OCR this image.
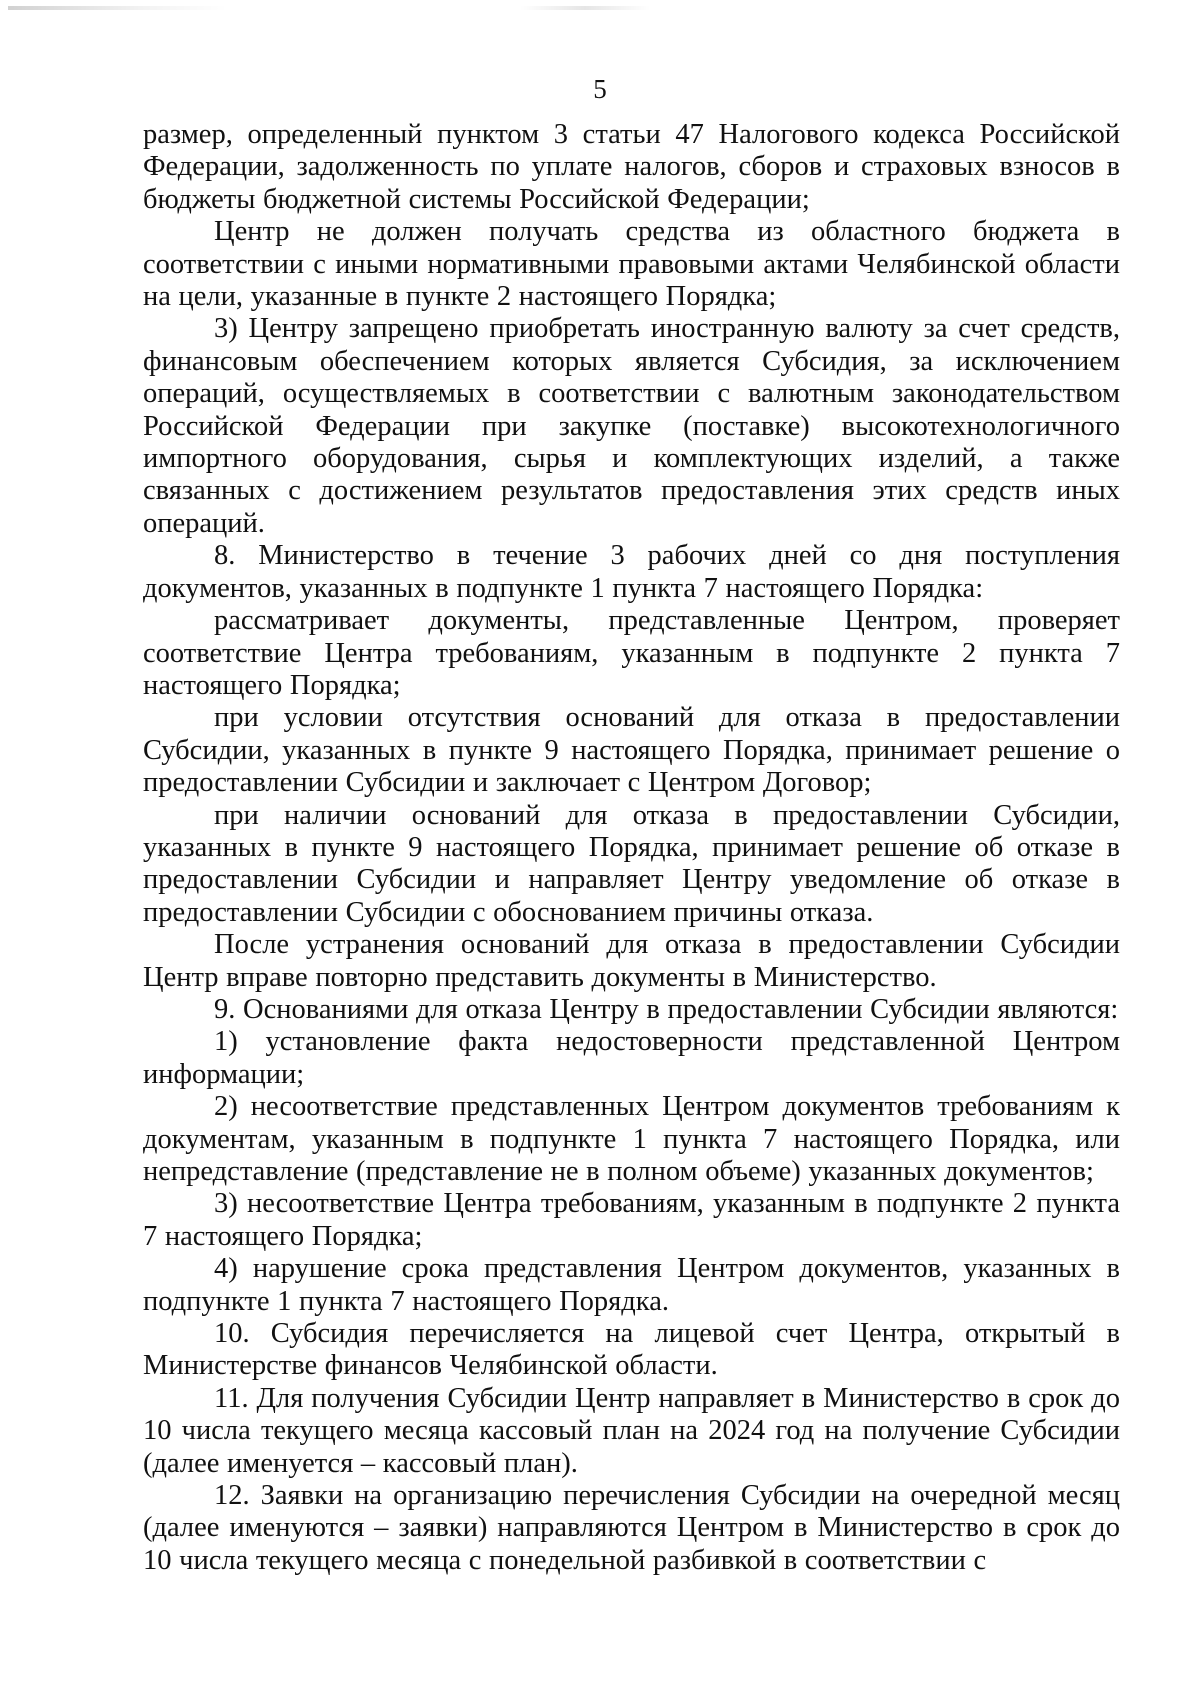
5

размер, определенный пунктом 3 статьи 47 Налогового кодекса Российской Федерации, задолженность по уплате налогов, сборов и страховых взносов в бюджеты бюджетной системы Российской Федерации;

Центр не должен получать средства из областного бюджета в соответствии с иными нормативными правовыми актами Челябинской области на цели, указанные в пункте 2 настоящего Порядка;

3) Центру запрещено приобретать иностранную валюту за счет средств, финансовым обеспечением которых является Субсидия, за исключением операций, осуществляемых в соответствии с валютным законодательством Российской Федерации при закупке (поставке) высокотехнологичного импортного оборудования, сырья и комплектующих изделий, а также связанных с достижением результатов предоставления этих средств иных операций.

8. Министерство в течение 3 рабочих дней со дня поступления документов, указанных в подпункте 1 пункта 7 настоящего Порядка:

рассматривает документы, представленные Центром, проверяет соответствие Центра требованиям, указанным в подпункте 2 пункта 7 настоящего Порядка;

при условии отсутствия оснований для отказа в предоставлении Субсидии, указанных в пункте 9 настоящего Порядка, принимает решение о предоставлении Субсидии и заключает с Центром Договор;

при наличии оснований для отказа в предоставлении Субсидии, указанных в пункте 9 настоящего Порядка, принимает решение об отказе в предоставлении Субсидии и направляет Центру уведомление об отказе в предоставлении Субсидии с обоснованием причины отказа.

После устранения оснований для отказа в предоставлении Субсидии Центр вправе повторно представить документы в Министерство.

9. Основаниями для отказа Центру в предоставлении Субсидии являются:

1) установление факта недостоверности представленной Центром информации;

2) несоответствие представленных Центром документов требованиям к документам, указанным в подпункте 1 пункта 7 настоящего Порядка, или непредставление (представление не в полном объеме) указанных документов;

3) несоответствие Центра требованиям, указанным в подпункте 2 пункта 7 настоящего Порядка;

4) нарушение срока представления Центром документов, указанных в подпункте 1 пункта 7 настоящего Порядка.

10. Субсидия перечисляется на лицевой счет Центра, открытый в Министерстве финансов Челябинской области.

11. Для получения Субсидии Центр направляет в Министерство в срок до 10 числа текущего месяца кассовый план на 2024 год на получение Субсидии (далее именуется – кассовый план).

12. Заявки на организацию перечисления Субсидии на очередной месяц (далее именуются – заявки) направляются Центром в Министерство в срок до 10 числа текущего месяца с понедельной разбивкой в соответствии с
